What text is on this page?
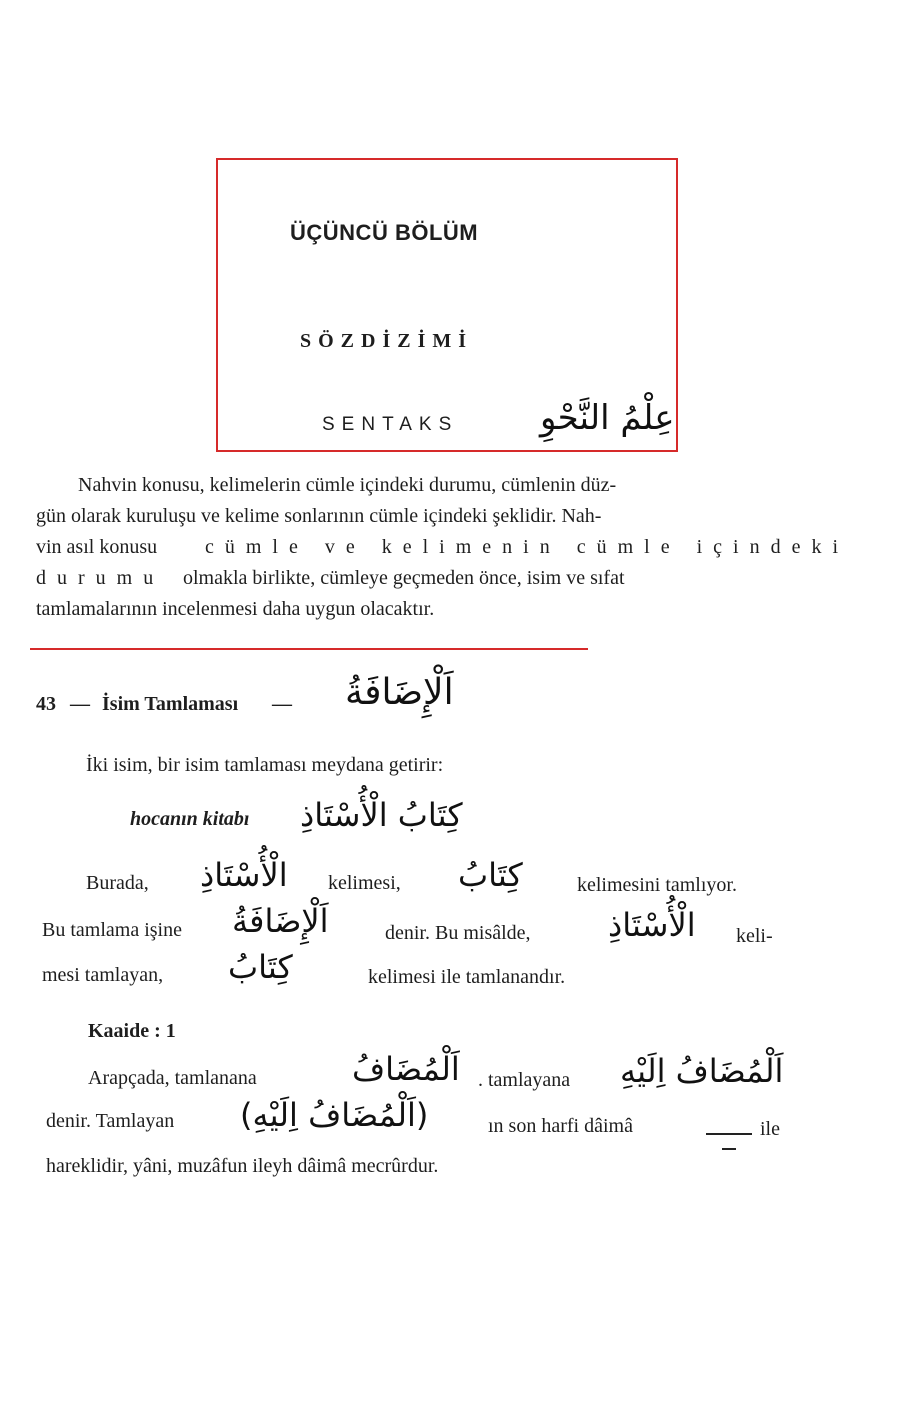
ÜÇÜNCÜ BÖLÜM
SÖZDİZİMİ
SENTAKS عِلْمُ النَّحْوِ
Nahvin konusu, kelimelerin cümle içindeki durumu, cümlenin düz-
gün olarak kuruluşu ve kelime sonlarının cümle içindeki şeklidir. Nah-
vin asıl konusu cümle ve kelimenin cümle içindeki
durumu olmakla birlikte, cümleye geçmeden önce, isim ve sıfat
tamlamalarının incelenmesi daha uygun olacaktır.
43 — İsim Tamlaması — اَلْإِضَافَةُ
İki isim, bir isim tamlaması meydana getirir:
hocanın kitabı كِتَابُ الْأُسْتَاذِ
Burada, الْأُسْتَاذِ kelimesi, كِتَابُ	kelimesini tamlıyor.
Bu tamlama işine اَلْإِضَافَةُ	denir. Bu misâlde, الْأُسْتَاذِ keli-
mesi tamlayan, كِتَابُ	kelimesi ile tamlanandır.
Kaaide : 1
Arapçada, tamlanana	اَلْمُضَافُ . tamlayana اَلْمُضَافُ اِلَيْهِ
denir. Tamlayan (اَلْمُضَافُ اِلَيْهِ)	ın son harfi dâimâ	ile
hareklidir, yâni, muzâfun ileyh dâimâ mecrûrdur.
